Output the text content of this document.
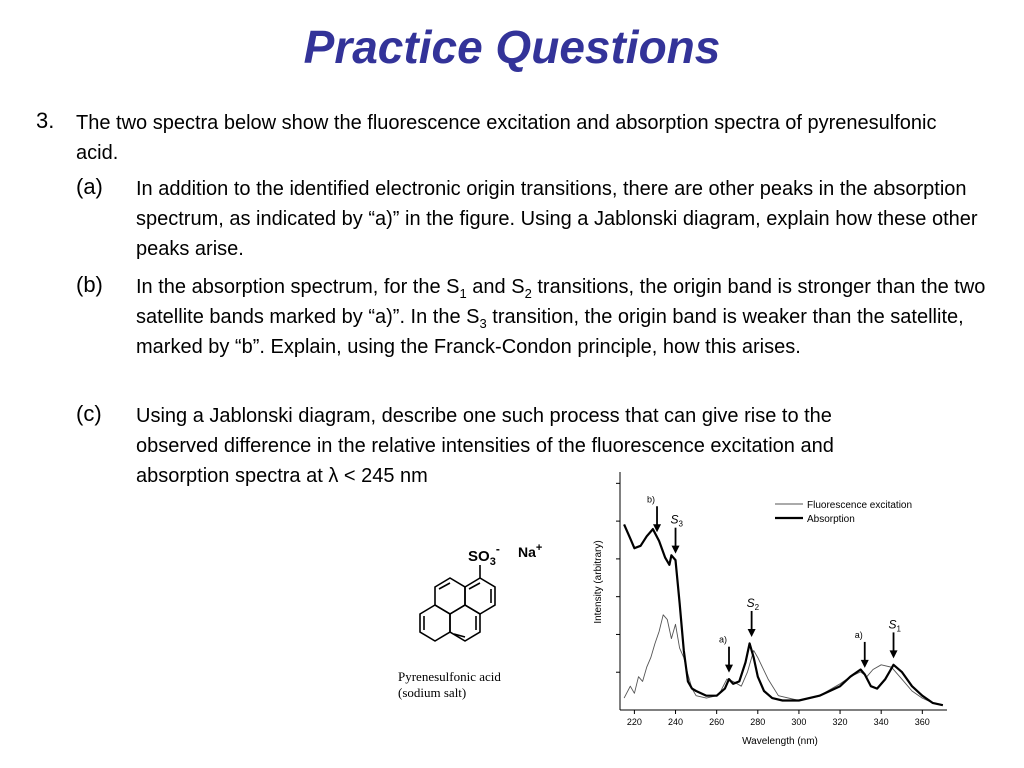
Practice Questions
3. The two spectra below show the fluorescence excitation and absorption spectra of pyrenesulfonic acid.
(a) In addition to the identified electronic origin transitions, there are other peaks in the absorption spectrum, as indicated by “a)” in the figure. Using a Jablonski diagram, explain how these other peaks arise.
(b) In the absorption spectrum, for the $S_1$ and $S_2$ transitions, the origin band is stronger than the two satellite bands marked by “a)”. In the $S_3$ transition, the origin band is weaker than the satellite, marked by “b”. Explain, using the Franck-Condon principle, how this arises.
(c) Using a Jablonski diagram, describe one such process that can give rise to the observed difference in the relative intensities of the fluorescence excitation and absorption spectra at λ < 245 nm
$SO_3^-$ Na+
Pyrenesulfonic acid
(sodium salt)
220	240	260	280	300	320	340	360
b)
$S_3$
$S_2$
a)
$S_1$
a)
Fluorescence excitation
Absorption
Wavelength (nm)
Intensity (arbitrary)
